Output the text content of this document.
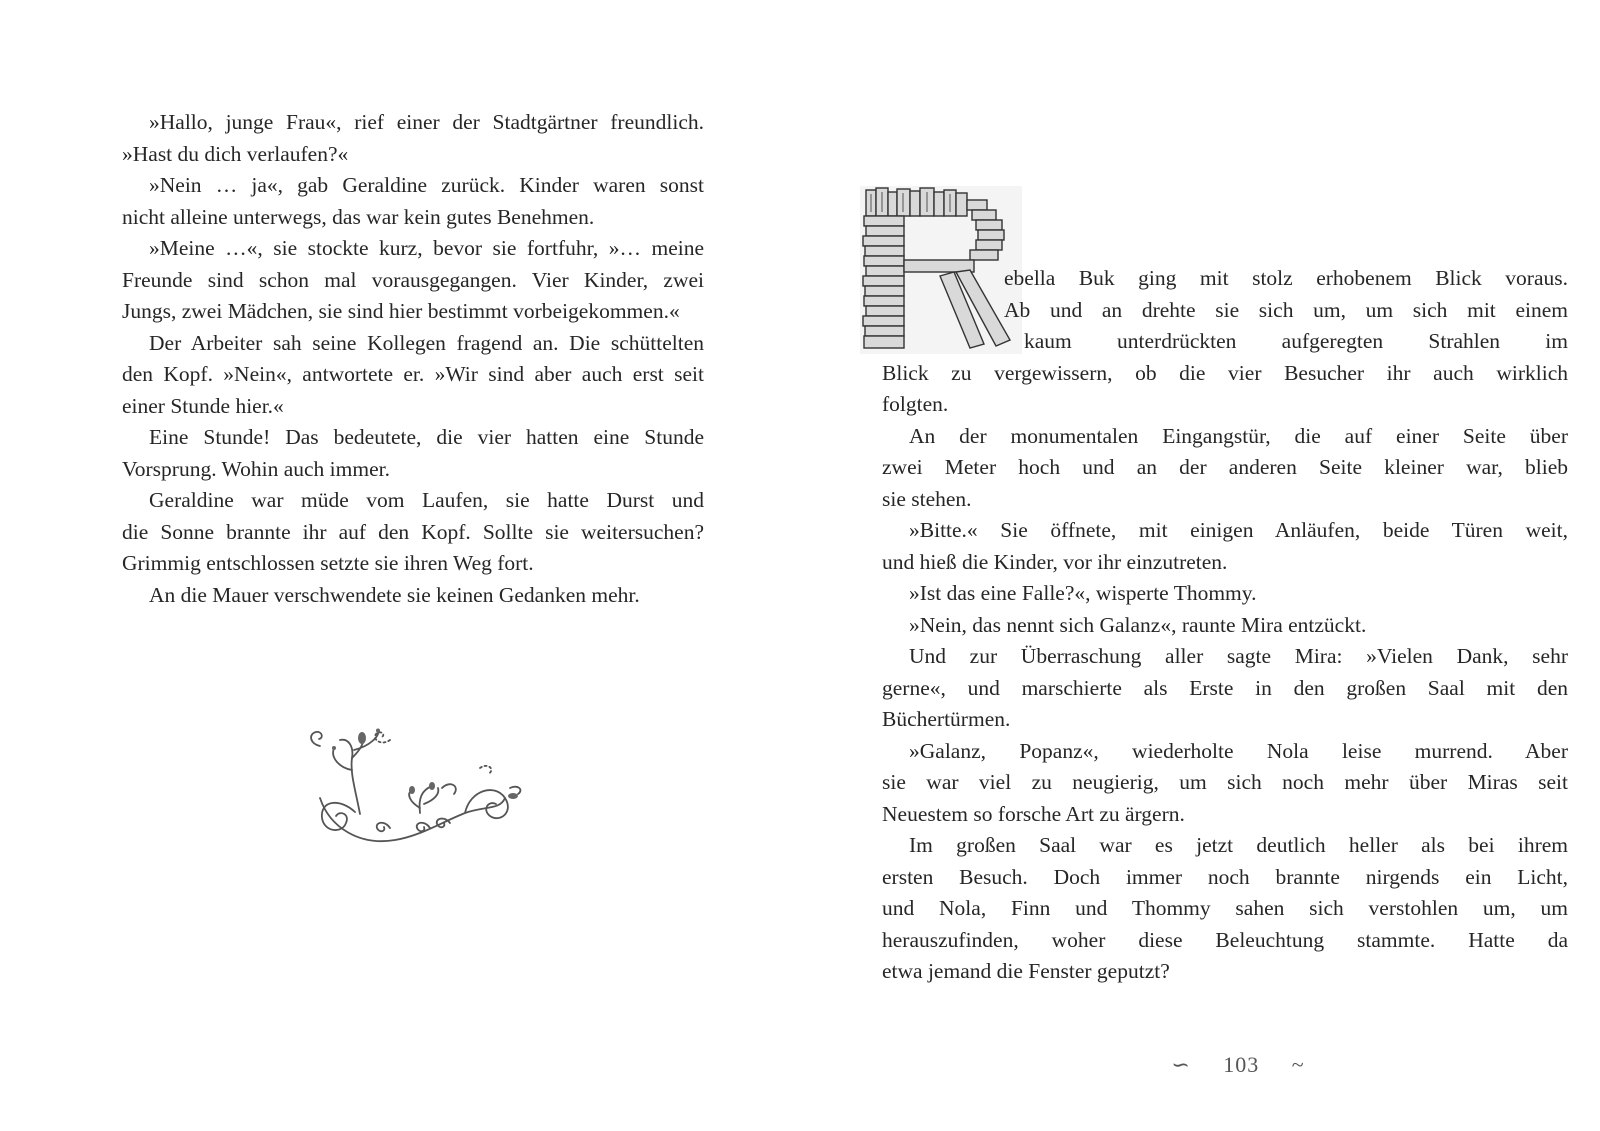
»Hallo, junge Frau«, rief einer der Stadtgärtner freundlich.
»Hast du dich verlaufen?«
»Nein … ja«, gab Geraldine zurück. Kinder waren sonst
nicht alleine unterwegs, das war kein gutes Benehmen.
»Meine …«, sie stockte kurz, bevor sie fortfuhr, »… meine
Freunde sind schon mal vorausgegangen. Vier Kinder, zwei
Jungs, zwei Mädchen, sie sind hier bestimmt vorbeigekommen.«
Der Arbeiter sah seine Kollegen fragend an. Die schüttelten
den Kopf. »Nein«, antwortete er. »Wir sind aber auch erst seit
einer Stunde hier.«
Eine Stunde! Das bedeutete, die vier hatten eine Stunde
Vorsprung. Wohin auch immer.
Geraldine war müde vom Laufen, sie hatte Durst und
die Sonne brannte ihr auf den Kopf. Sollte sie weitersuchen?
Grimmig entschlossen setzte sie ihren Weg fort.
An die Mauer verschwendete sie keinen Gedanken mehr.
ebella Buk ging mit stolz erhobenem Blick voraus.
Ab und an drehte sie sich um, um sich mit einem
kaum unterdrückten aufgeregten Strahlen im
Blick zu vergewissern, ob die vier Besucher ihr auch wirklich
folgten.
An der monumentalen Eingangstür, die auf einer Seite über
zwei Meter hoch und an der anderen Seite kleiner war, blieb
sie stehen.
»Bitte.« Sie öffnete, mit einigen Anläufen, beide Türen weit,
und hieß die Kinder, vor ihr einzutreten.
»Ist das eine Falle?«, wisperte Thommy.
»Nein, das nennt sich Galanz«, raunte Mira entzückt.
Und zur Überraschung aller sagte Mira: »Vielen Dank, sehr
gerne«, und marschierte als Erste in den großen Saal mit den
Büchertürmen.
»Galanz, Popanz«, wiederholte Nola leise murrend. Aber
sie war viel zu neugierig, um sich noch mehr über Miras seit
Neuestem so forsche Art zu ärgern.
Im großen Saal war es jetzt deutlich heller als bei ihrem
ersten Besuch. Doch immer noch brannte nirgends ein Licht,
und Nola, Finn und Thommy sahen sich verstohlen um, um
herauszufinden, woher diese Beleuchtung stammte. Hatte da
etwa jemand die Fenster geputzt?
∽ 103 ~
